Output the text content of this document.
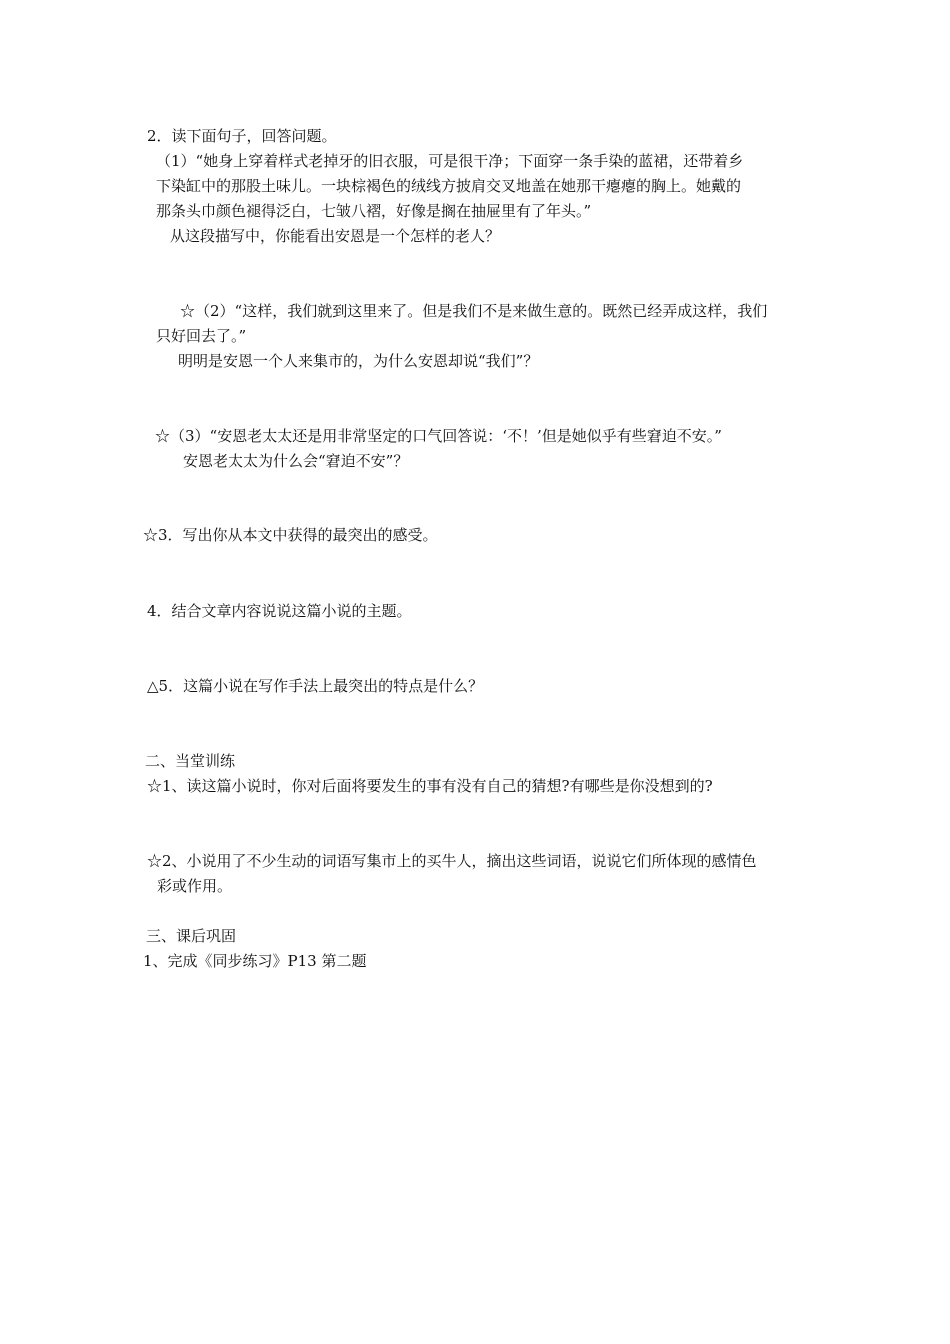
2．读下面句子，回答问题。
（1）“她身上穿着样式老掉牙的旧衣服，可是很干净；下面穿一条手染的蓝裙，还带着乡
下染缸中的那股土味儿。一块棕褐色的绒线方披肩交叉地盖在她那干瘪瘪的胸上。她戴的
那条头巾颜色褪得泛白，七皱八褶，好像是搁在抽屉里有了年头。”
从这段描写中，你能看出安恩是一个怎样的老人？
☆（2）“这样，我们就到这里来了。但是我们不是来做生意的。既然已经弄成这样，我们
只好回去了。”
明明是安恩一个人来集市的，为什么安恩却说“我们”？
☆（3）“安恩老太太还是用非常坚定的口气回答说：‘不！’但是她似乎有些窘迫不安。”
安恩老太太为什么会“窘迫不安”？
☆3．写出你从本文中获得的最突出的感受。
4．结合文章内容说说这篇小说的主题。
△5．这篇小说在写作手法上最突出的特点是什么？
二、当堂训练
☆1、读这篇小说时，你对后面将要发生的事有没有自己的猜想?有哪些是你没想到的?
☆2、小说用了不少生动的词语写集市上的买牛人，摘出这些词语，说说它们所体现的感情色
彩或作用。
三、课后巩固
1、完成《同步练习》P13 第二题
